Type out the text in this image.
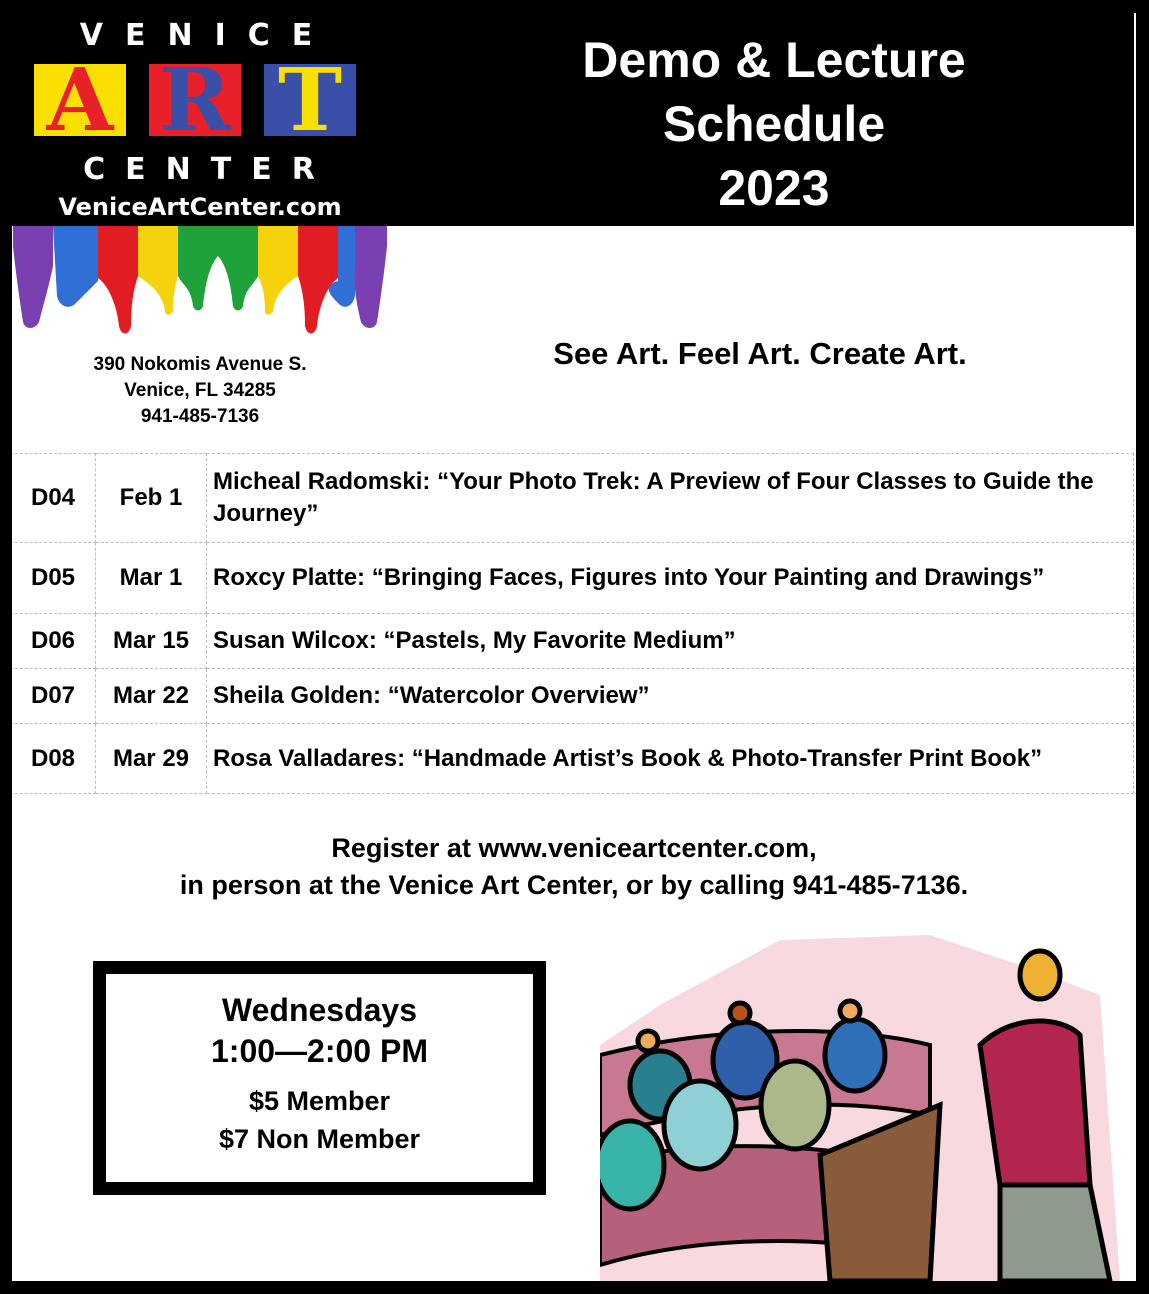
VENICE
A R T
CENTER
VeniceArtCenter.com
Demo & Lecture
Schedule
2023
390 Nokomis Avenue S.
Venice, FL 34285
941-485-7136
See Art. Feel Art. Create Art.
D04	Feb 1	Micheal Radomski: “Your Photo Trek: A Preview of Four Classes to Guide the Journey”
D05	Mar 1	Roxcy Platte: “Bringing Faces, Figures into Your Painting and Drawings”
D06	Mar 15	Susan Wilcox: “Pastels, My Favorite Medium”
D07	Mar 22	Sheila Golden: “Watercolor Overview”
D08	Mar 29	Rosa Valladares: “Handmade Artist’s Book & Photo-Transfer Print Book”
Register at www.veniceartcenter.com,
in person at the Venice Art Center, or by calling 941-485-7136.
Wednesdays
1:00—2:00 PM
$5 Member
$7 Non Member
